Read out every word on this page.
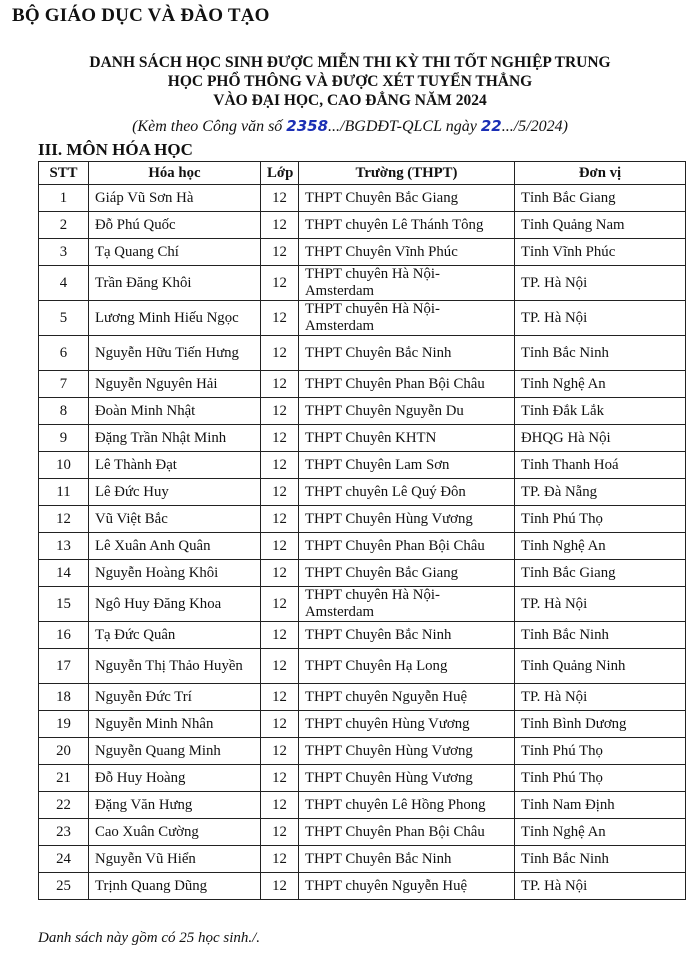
BỘ GIÁO DỤC VÀ ĐÀO TẠO
DANH SÁCH HỌC SINH ĐƯỢC MIỄN THI KỲ THI TỐT NGHIỆP TRUNG
HỌC PHỔ THÔNG VÀ ĐƯỢC XÉT TUYỂN THẲNG
VÀO ĐẠI HỌC, CAO ĐẲNG NĂM 2024
(Kèm theo Công văn số 2358.../BGDĐT-QLCL ngày 22.../5/2024)
III. MÔN HÓA HỌC
STT	Hóa học	Lớp	Trường (THPT)	Đơn vị
1	Giáp Vũ Sơn Hà	12	THPT Chuyên Bắc Giang	Tỉnh Bắc Giang
2	Đỗ Phú Quốc	12	THPT chuyên Lê Thánh Tông	Tỉnh Quảng Nam
3	Tạ Quang Chí	12	THPT Chuyên Vĩnh Phúc	Tỉnh Vĩnh Phúc
4	Trần Đăng Khôi	12	THPT chuyên Hà Nội-Amsterdam	TP. Hà Nội
5	Lương Minh Hiếu Ngọc	12	THPT chuyên Hà Nội-Amsterdam	TP. Hà Nội
6	Nguyễn Hữu Tiến Hưng	12	THPT Chuyên Bắc Ninh	Tỉnh Bắc Ninh
7	Nguyễn Nguyên Hải	12	THPT Chuyên Phan Bội Châu	Tỉnh Nghệ An
8	Đoàn Minh Nhật	12	THPT Chuyên Nguyễn Du	Tỉnh Đắk Lắk
9	Đặng Trần Nhật Minh	12	THPT Chuyên KHTN	ĐHQG Hà Nội
10	Lê Thành Đạt	12	THPT Chuyên Lam Sơn	Tỉnh Thanh Hoá
11	Lê Đức Huy	12	THPT chuyên Lê Quý Đôn	TP. Đà Nẵng
12	Vũ Việt Bắc	12	THPT Chuyên Hùng Vương	Tỉnh Phú Thọ
13	Lê Xuân Anh Quân	12	THPT Chuyên Phan Bội Châu	Tỉnh Nghệ An
14	Nguyễn Hoàng Khôi	12	THPT Chuyên Bắc Giang	Tỉnh Bắc Giang
15	Ngô Huy Đăng Khoa	12	THPT chuyên Hà Nội-Amsterdam	TP. Hà Nội
16	Tạ Đức Quân	12	THPT Chuyên Bắc Ninh	Tỉnh Bắc Ninh
17	Nguyễn Thị Thảo Huyền	12	THPT Chuyên Hạ Long	Tỉnh Quảng Ninh
18	Nguyễn Đức Trí	12	THPT chuyên Nguyễn Huệ	TP. Hà Nội
19	Nguyễn Minh Nhân	12	THPT chuyên Hùng Vương	Tỉnh Bình Dương
20	Nguyễn Quang Minh	12	THPT Chuyên Hùng Vương	Tỉnh Phú Thọ
21	Đỗ Huy Hoàng	12	THPT Chuyên Hùng Vương	Tỉnh Phú Thọ
22	Đặng Văn Hưng	12	THPT chuyên Lê Hồng Phong	Tỉnh Nam Định
23	Cao Xuân Cường	12	THPT Chuyên Phan Bội Châu	Tỉnh Nghệ An
24	Nguyễn Vũ Hiển	12	THPT Chuyên Bắc Ninh	Tỉnh Bắc Ninh
25	Trịnh Quang Dũng	12	THPT chuyên Nguyễn Huệ	TP. Hà Nội
Danh sách này gồm có 25 học sinh./.
